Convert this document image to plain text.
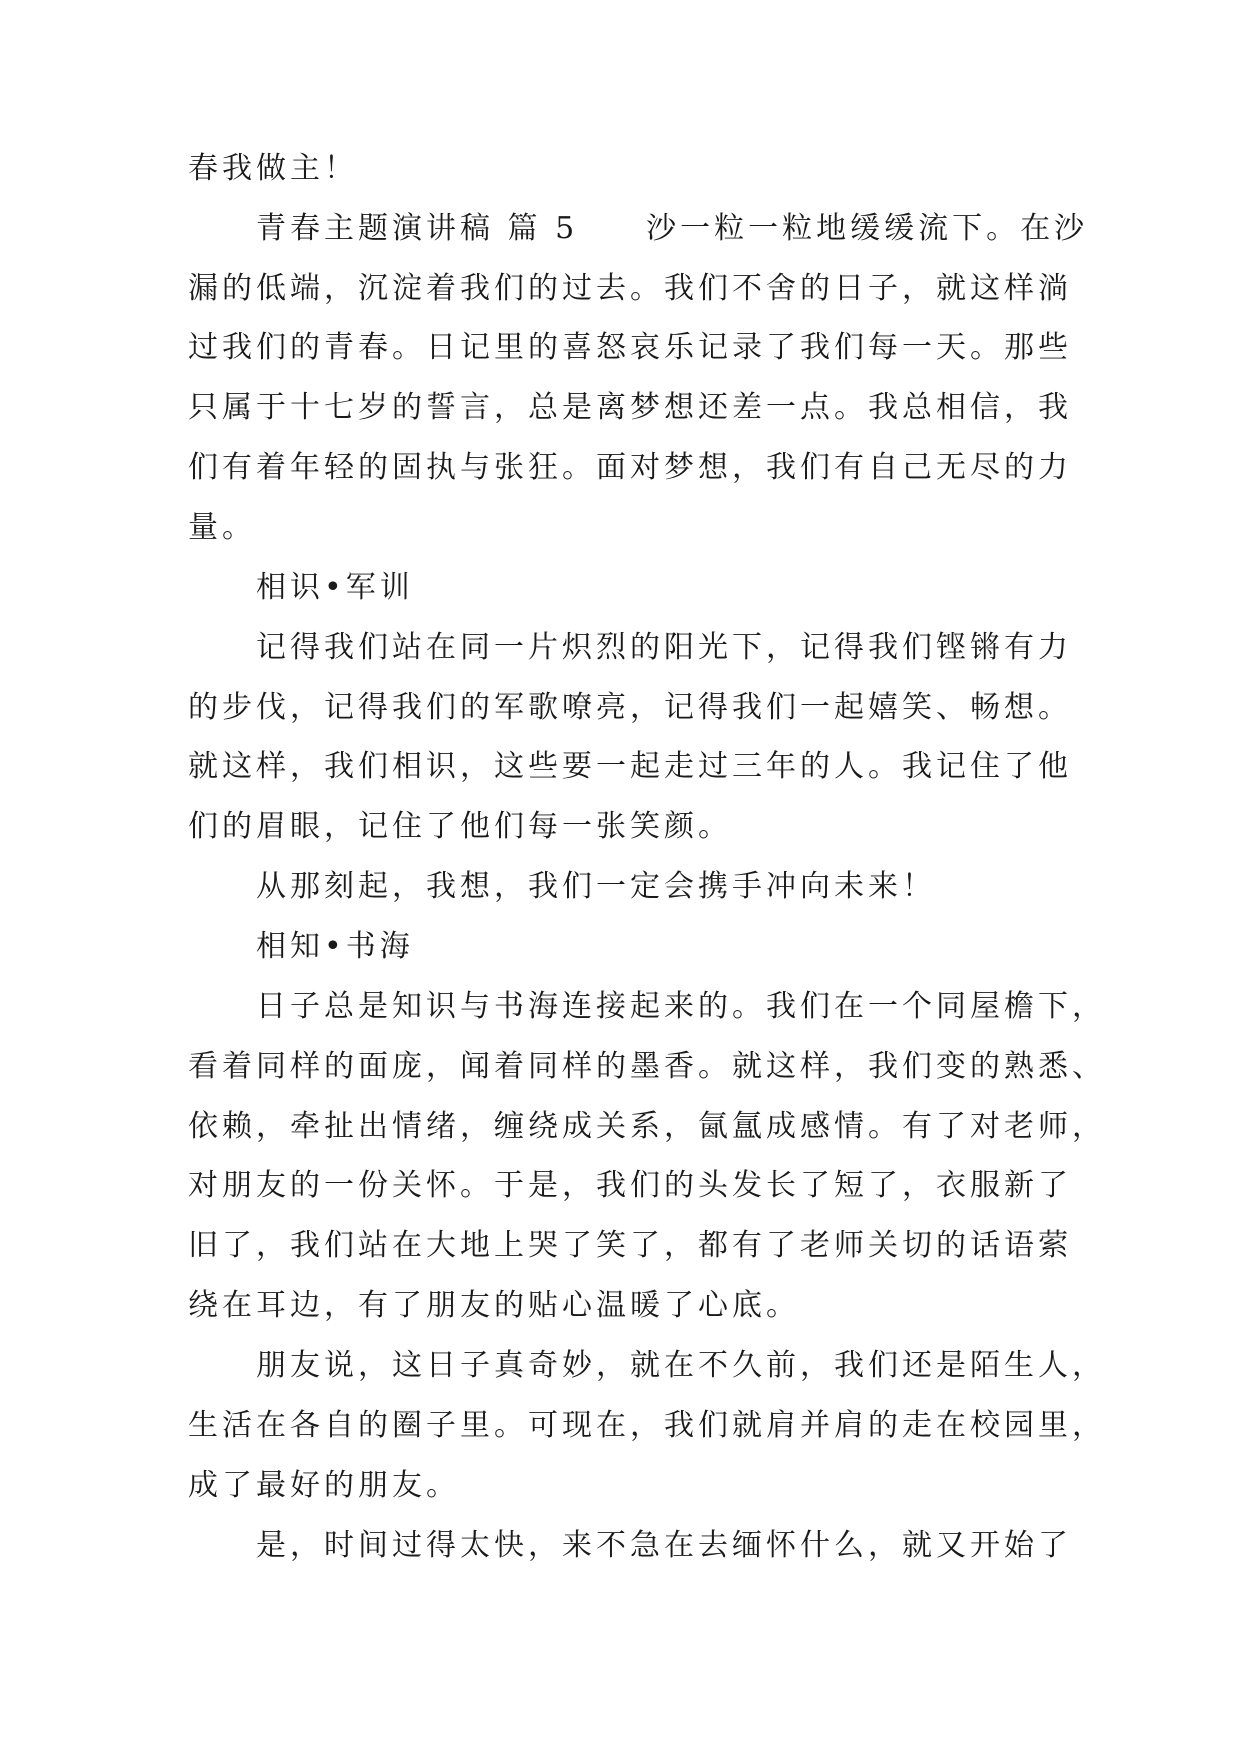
春我做主！
青春主题演讲稿 篇 5　　沙一粒一粒地缓缓流下。在沙
漏的低端，沉淀着我们的过去。我们不舍的日子，就这样淌
过我们的青春。日记里的喜怒哀乐记录了我们每一天。那些
只属于十七岁的誓言，总是离梦想还差一点。我总相信，我
们有着年轻的固执与张狂。面对梦想，我们有自己无尽的力
量。
相识•军训
记得我们站在同一片炽烈的阳光下，记得我们铿锵有力
的步伐，记得我们的军歌嘹亮，记得我们一起嬉笑、畅想。
就这样，我们相识，这些要一起走过三年的人。我记住了他
们的眉眼，记住了他们每一张笑颜。
从那刻起，我想，我们一定会携手冲向未来！
相知•书海
日子总是知识与书海连接起来的。我们在一个同屋檐下，
看着同样的面庞，闻着同样的墨香。就这样，我们变的熟悉、
依赖，牵扯出情绪，缠绕成关系，氤氲成感情。有了对老师，
对朋友的一份关怀。于是，我们的头发长了短了，衣服新了
旧了，我们站在大地上哭了笑了，都有了老师关切的话语萦
绕在耳边，有了朋友的贴心温暖了心底。
朋友说，这日子真奇妙，就在不久前，我们还是陌生人，
生活在各自的圈子里。可现在，我们就肩并肩的走在校园里，
成了最好的朋友。
是，时间过得太快，来不急在去缅怀什么，就又开始了
